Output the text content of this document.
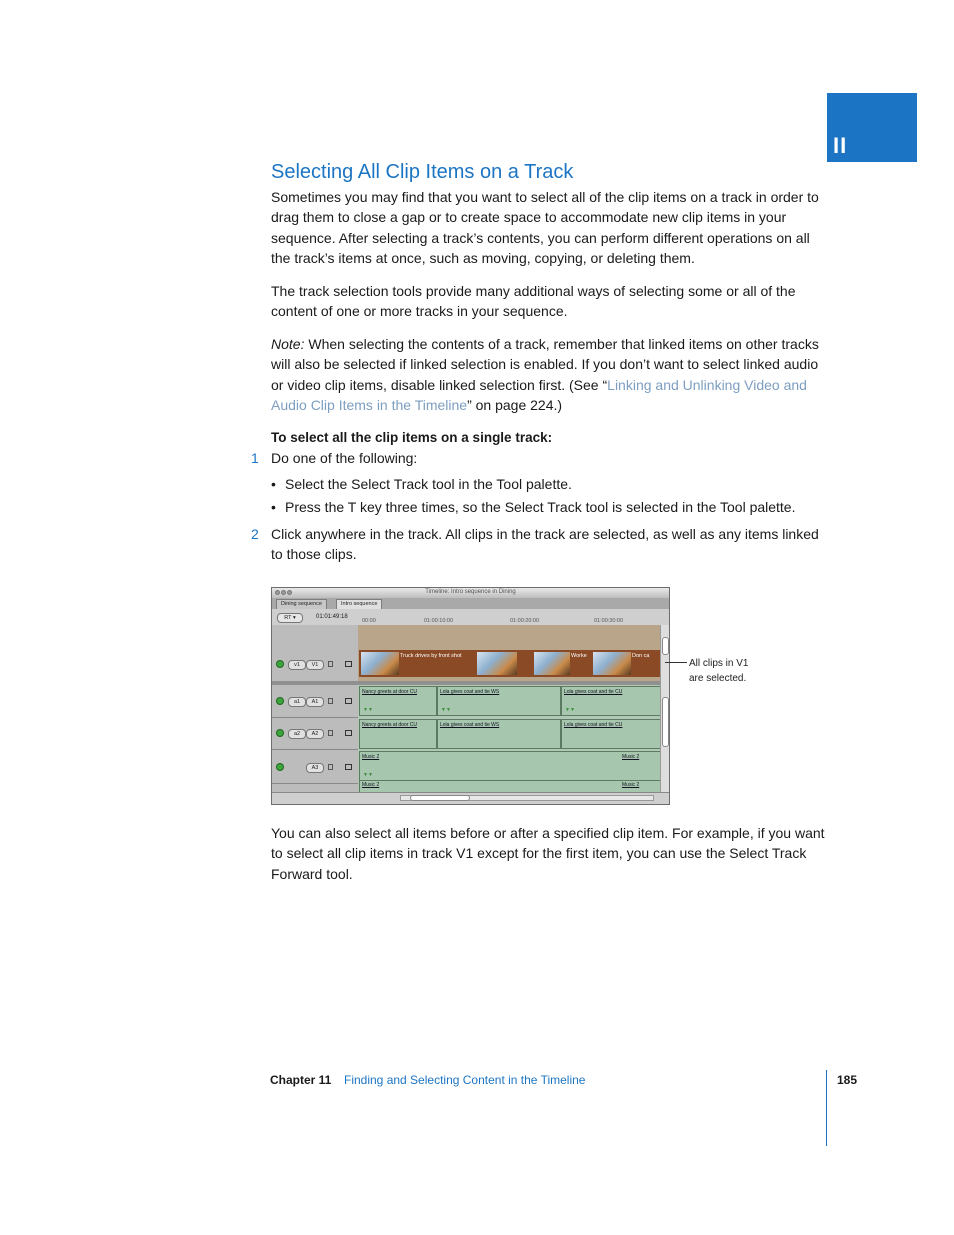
II
Selecting All Clip Items on a Track

Sometimes you may find that you want to select all of the clip items on a track in order to drag them to close a gap or to create space to accommodate new clip items in your sequence. After selecting a track’s contents, you can perform different operations on all the track’s items at once, such as moving, copying, or deleting them.

The track selection tools provide many additional ways of selecting some or all of the content of one or more tracks in your sequence.

Note: When selecting the contents of a track, remember that linked items on other tracks will also be selected if linked selection is enabled. If you don’t want to select linked audio or video clip items, disable linked selection first. (See “Linking and Unlinking Video and Audio Clip Items in the Timeline” on page 224.)

To select all the clip items on a single track:

1 Do one of the following:

• Select the Select Track tool in the Tool palette.
• Press the T key three times, so the Select Track tool is selected in the Tool palette.
2 Click anywhere in the track. All clips in the track are selected, as well as any items linked to those clips.

Timeline: Intro sequence in Dining
Dining sequence	Intro sequence
RT ▾	01:01:49:18
00:00	01:00:10:00	01:00:20:00	01:00:30:00
v1	V1
a1	A1
a2	A2
A3
Truck drives by front shot	Worke	Don ca
Nancy greets at door CU
▼▼
Lola gives coat and tie WS
▼▼
Lola gives coat and tie CU
▼▼
Nancy greets at door CU	Lola gives coat and tie WS	Lola gives coat and tie CU
Music 2	Music 2
▼▼
Music 2	Music 2
All clips in V1
are selected.

You can also select all items before or after a specified clip item. For example, if you want to select all clip items in track V1 except for the first item, you can use the Select Track Forward tool.

Chapter 11 Finding and Selecting Content in the Timeline	185
